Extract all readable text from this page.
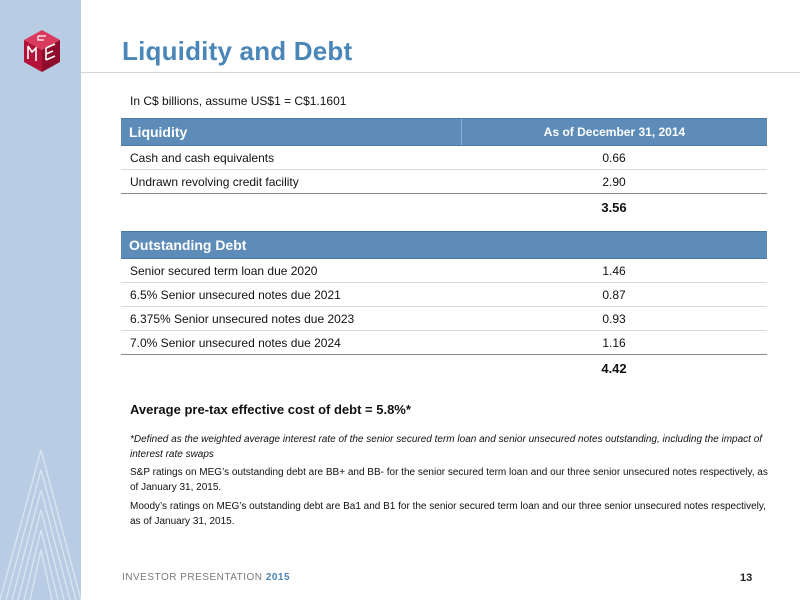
Liquidity and Debt
In C$ billions, assume US$1 = C$1.1601
Liquidity	As of December 31, 2014
Cash and cash equivalents	0.66
Undrawn revolving credit facility	2.90
3.56
Outstanding Debt
Senior secured term loan due 2020	1.46
6.5% Senior unsecured notes due 2021	0.87
6.375% Senior unsecured notes due 2023	0.93
7.0% Senior unsecured notes due 2024	1.16
4.42
Average pre-tax effective cost of debt = 5.8%*
*Defined as the weighted average interest rate of the senior secured term loan and senior unsecured notes outstanding, including the impact of interest rate swaps
S&P ratings on MEG’s outstanding debt are BB+ and BB- for the senior secured term loan and our three senior unsecured notes respectively, as of January 31, 2015.
Moody’s ratings on MEG’s outstanding debt are Ba1 and B1 for the senior secured term loan and our three senior unsecured notes respectively, as of January 31, 2015.
INVESTOR PRESENTATION 2015	13
